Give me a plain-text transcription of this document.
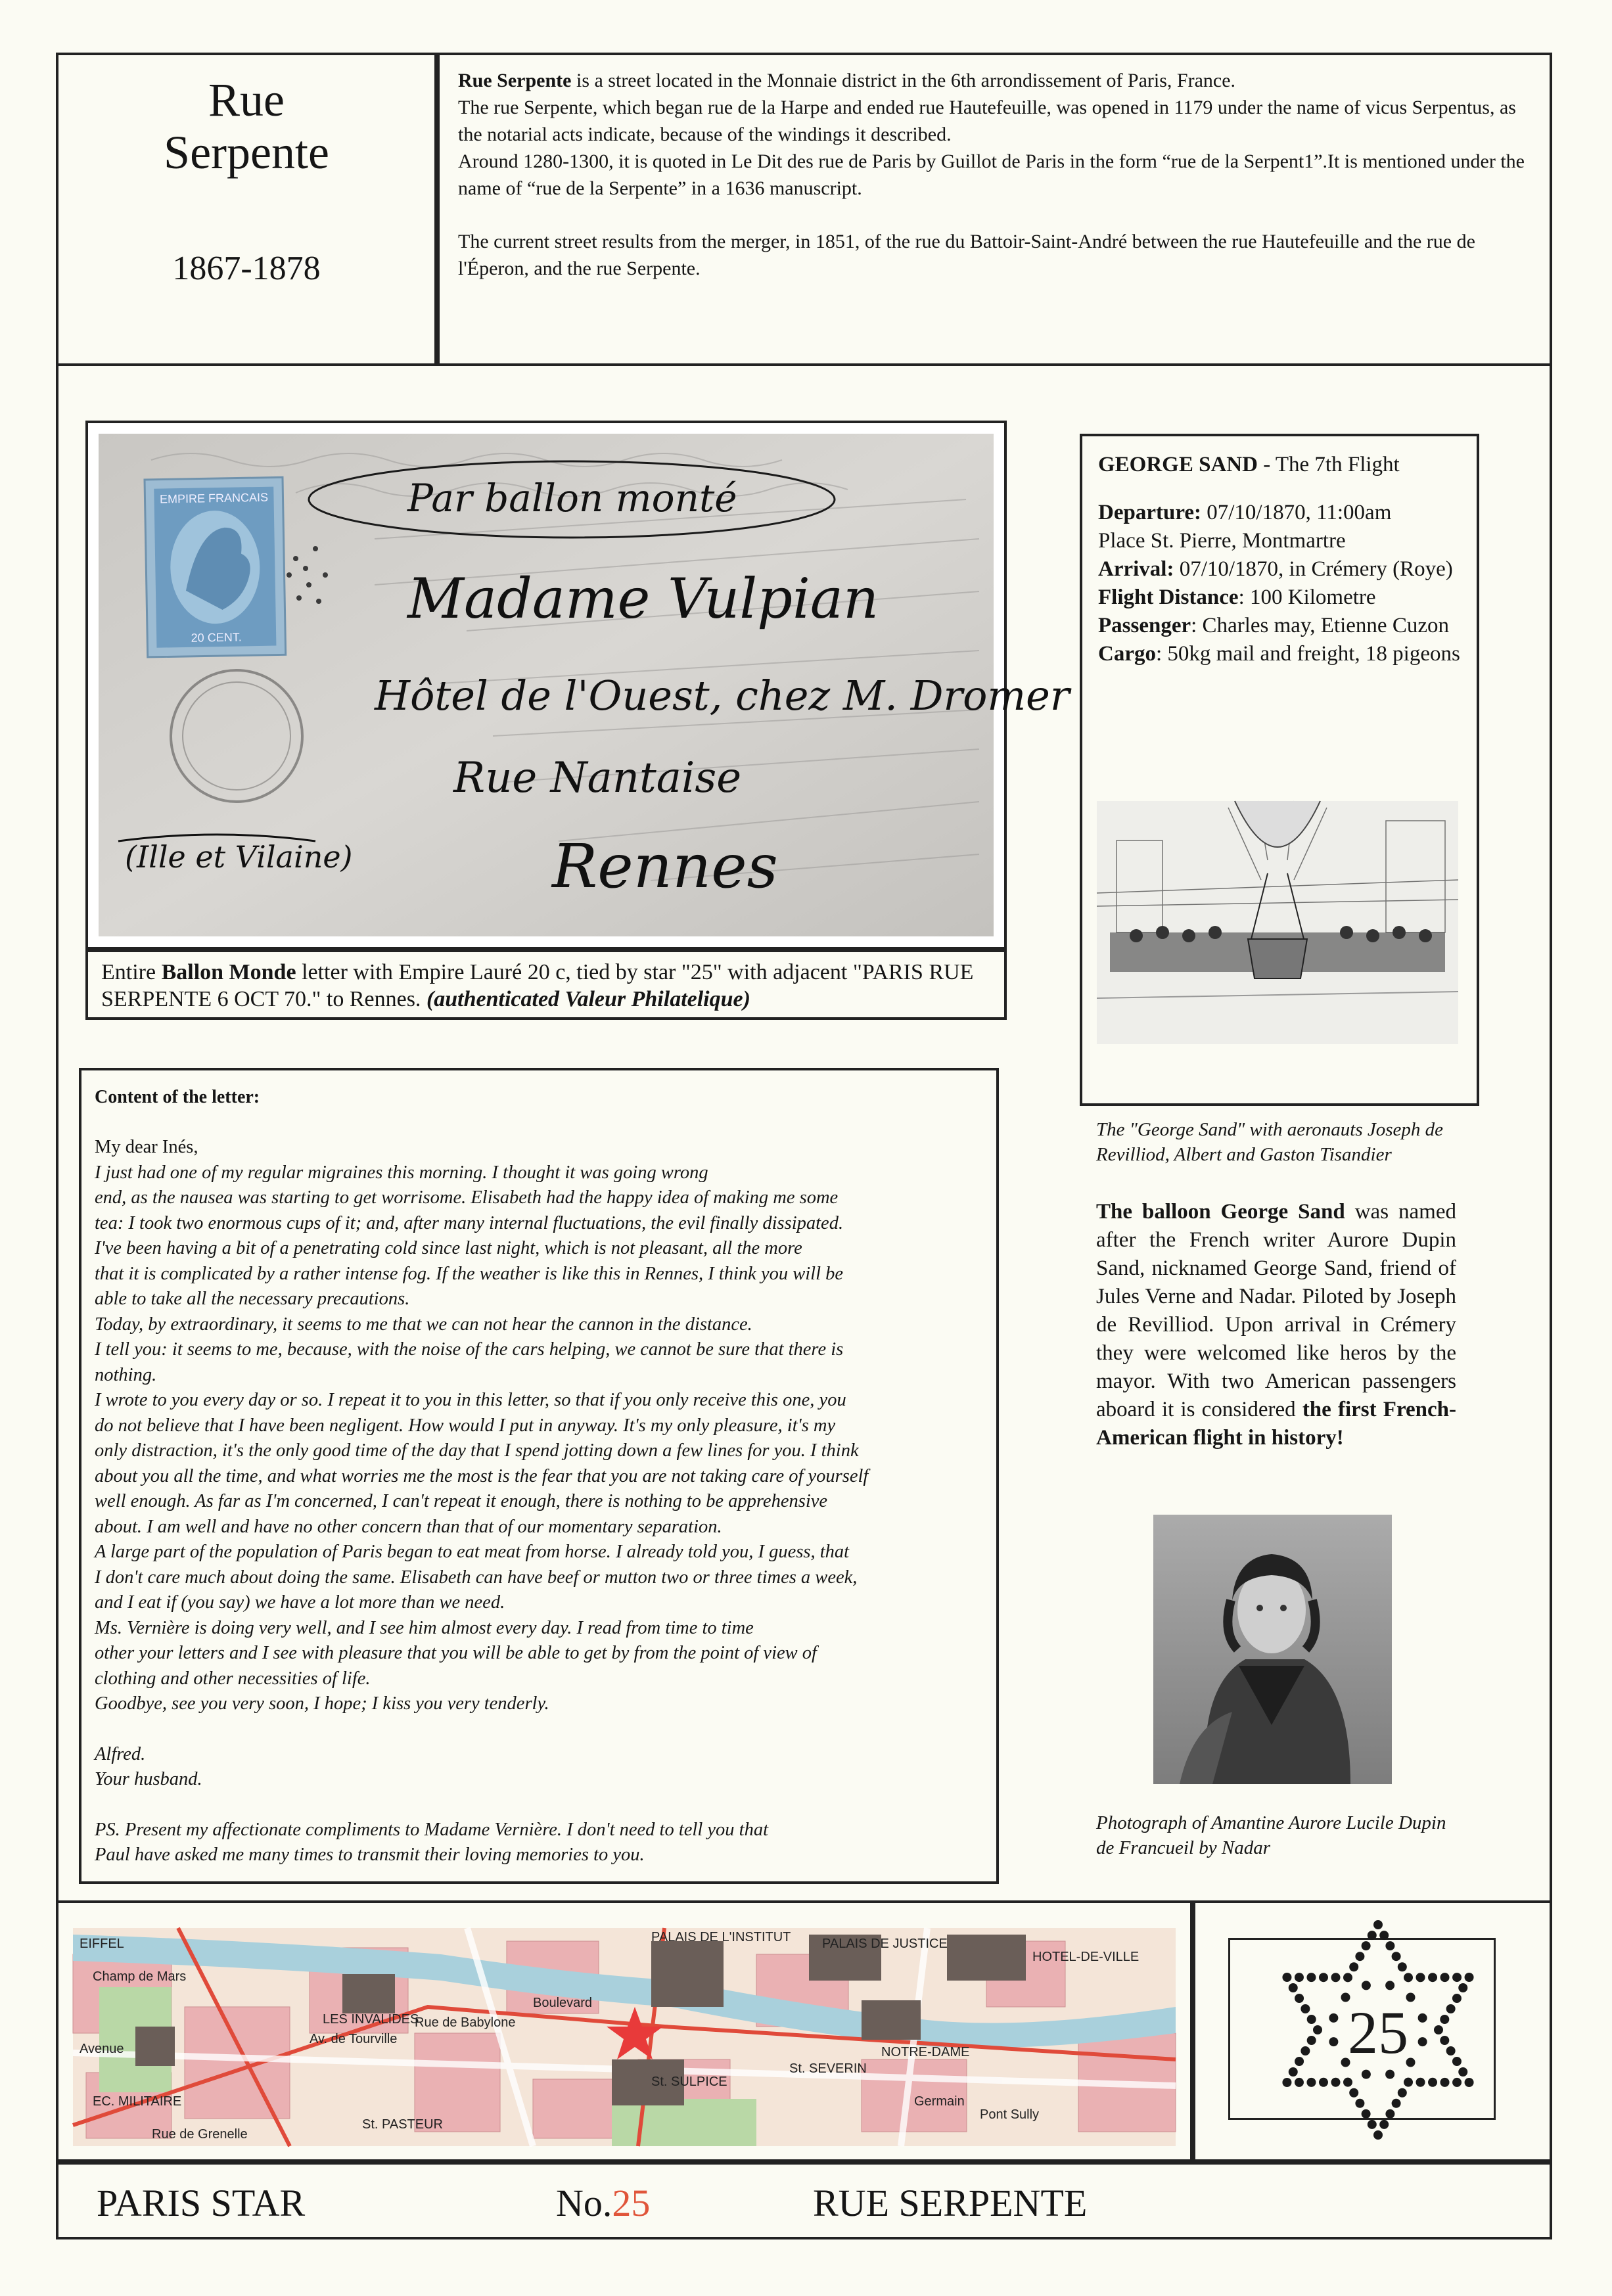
Rue
Serpente
1867-1878

Rue Serpente is a street located in the Monnaie district in the 6th arrondissement of Paris, France.

The rue Serpente, which began rue de la Harpe and ended rue Hautefeuille, was opened in 1179 under the name of vicus Serpentus, as the notarial acts indicate, because of the windings it described.

Around 1280-1300, it is quoted in Le Dit des rue de Paris by Guillot de Paris in the form “rue de la Serpent1”.It is mentioned under the name of “rue de la Serpente” in a 1636 manuscript.

The current street results from the merger, in 1851, of the rue du Battoir-Saint-André between the rue Hautefeuille and the rue de l'Éperon, and the rue Serpente.

EMPIRE FRANCAIS
20 CENT.
Par ballon monté
Madame Vulpian
Hôtel de l'Ouest, chez M. Dromer
Rue Nantaise
Rennes
(Ille et Vilaine)
Entire Ballon Monde letter with Empire Lauré 20 c, tied by star "25" with adjacent "PARIS RUE SERPENTE 6 OCT 70." to Rennes. (authenticated Valeur Philatelique)

GEORGE SAND - The 7th Flight

Departure: 07/10/1870, 11:00am

Place St. Pierre, Montmartre

Arrival: 07/10/1870, in Crémery (Roye)

Flight Distance: 100 Kilometre

Passenger: Charles may, Etienne Cuzon

Cargo: 50kg mail and freight, 18 pigeons

The "George Sand" with aeronauts Joseph de Revilliod, Albert and Gaston Tisandier

The balloon George Sand was named after the French writer Aurore Dupin Sand, nicknamed George Sand, friend of Jules Verne and Nadar. Piloted by Joseph de Revilliod. Upon arrival in Crémery they were welcomed like heros by the mayor. With two American passengers aboard it is considered the first French-American flight in history!

Photograph of Amantine Aurore Lucile Dupin de Francueil by Nadar
Content of the letter:
My dear Inés,

I just had one of my regular migraines this morning. I thought it was going wrong

end, as the nausea was starting to get worrisome. Elisabeth had the happy idea of making me some

tea: I took two enormous cups of it; and, after many internal fluctuations, the evil finally dissipated.

I've been having a bit of a penetrating cold since last night, which is not pleasant, all the more

that it is complicated by a rather intense fog. If the weather is like this in Rennes, I think you will be

able to take all the necessary precautions.

Today, by extraordinary, it seems to me that we can not hear the cannon in the distance.

I tell you: it seems to me, because, with the noise of the cars helping, we cannot be sure that there is

nothing.

I wrote to you every day or so. I repeat it to you in this letter, so that if you only receive this one, you

do not believe that I have been negligent. How would I put in anyway. It's my only pleasure, it's my

only distraction, it's the only good time of the day that I spend jotting down a few lines for you. I think

about you all the time, and what worries me the most is the fear that you are not taking care of yourself

well enough. As far as I'm concerned, I can't repeat it enough, there is nothing to be apprehensive

about. I am well and have no other concern than that of our momentary separation.

A large part of the population of Paris began to eat meat from horse. I already told you, I guess, that

I don't care much about doing the same. Elisabeth can have beef or mutton two or three times a week,

and I eat if (you say) we have a lot more than we need.

Ms. Vernière is doing very well, and I see him almost every day. I read from time to time

other your letters and I see with pleasure that you will be able to get by from the point of view of

clothing and other necessities of life.

Goodbye, see you very soon, I hope; I kiss you very tenderly.

Alfred.

Your husband.

PS. Present my affectionate compliments to Madame Vernière. I don't need to tell you that

Paul have asked me many times to transmit their loving memories to you.

EIFFEL
Champ de Mars
Avenue
LES INVALIDES
Av. de Tourville
Rue de Babylone
Boulevard
PALAIS DE L'INSTITUT PALAIS DE JUSTICE
HOTEL-DE-VILLE
NOTRE-DAME
St. SULPICE
St. SEVERIN
Germain
Pont Sully
Rue de Grenelle
EC. MILITAIRE
St. PASTEUR
25
PARIS STAR	No.25	RUE SERPENTE
